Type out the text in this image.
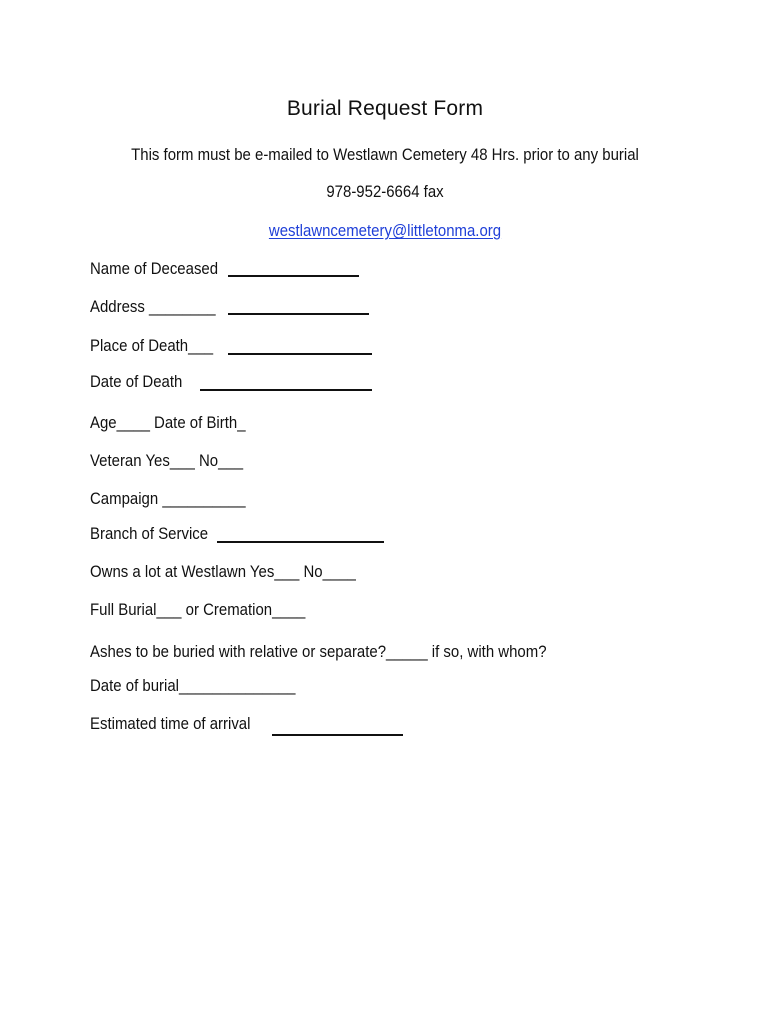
Burial Request Form
This form must be e-mailed to Westlawn Cemetery 48 Hrs. prior to any burial
978-952-6664 fax
westlawncemetery@littletonma.org
Name of Deceased
Address ________
Place of Death___
Date of Death
Age____ Date of Birth_
Veteran Yes___ No___
Campaign __________
Branch of Service
Owns a lot at Westlawn Yes___ No____
Full Burial___ or Cremation____
Ashes to be buried with relative or separate?_____ if so, with whom?
Date of burial______________
Estimated time of arrival
